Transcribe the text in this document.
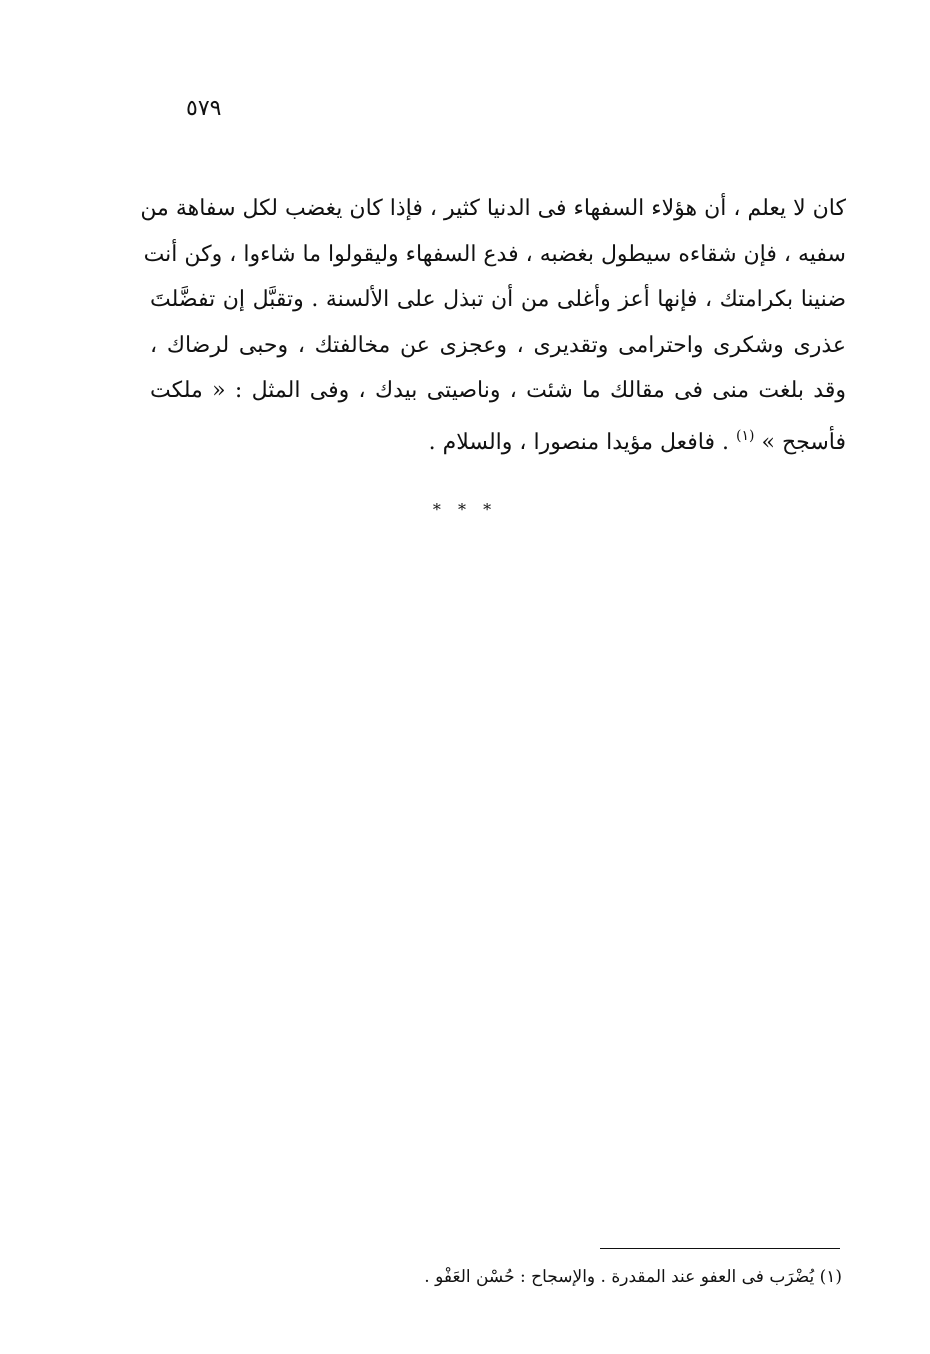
٥٧٩
كان لا يعلم ، أن هؤلاء السفهاء فى الدنيا كثير ، فإذا كان يغضب لكل سفاهة من
سفيه ، فإن شقاءه سيطول بغضبه ، فدع السفهاء وليقولوا ما شاءوا ، وكن أنت
ضنينا بكرامتك ، فإنها أعز وأغلى من أن تبذل على الألسنة . وتقبَّل إن تفضَّلتَ
عذرى وشكرى واحترامى وتقديرى ، وعجزى عن مخالفتك ، وحبى لرضاك ،
وقد بلغت منى فى مقالك ما شئت ، وناصيتى بيدك ، وفى المثل : « ملكت
فأسجح » $^{(١)}$ . فافعل مؤيدا منصورا ، والسلام .
* * *
(١) يُضْرَب فى العفو عند المقدرة . والإسجاح : حُسْن العَفْو .
